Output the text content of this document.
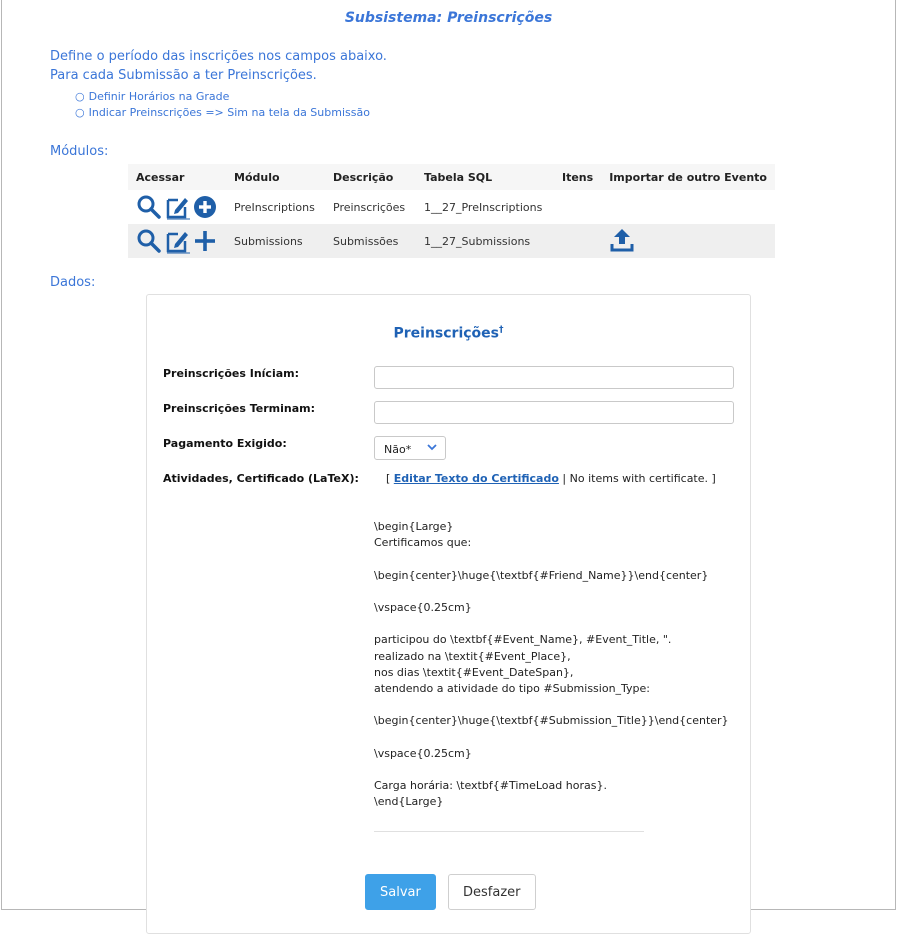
Subsistema: Preinscrições
Define o período das inscrições nos campos abaixo.
Para cada Submissão a ter Preinscrições.
○ Definir Horários na Grade
○ Indicar Preinscrições => Sim na tela da Submissão
Módulos:
Acessar	Módulo	Descrição	Tabela SQL	Itens	Importar de outro Evento

	PreInscriptions	Preinscrições	1__27_PreInscriptions		

	Submissions	Submissões	1__27_Submissions		
Dados:
Preinscrições†
Preinscrições Iníciam:
Preinscrições Terminam:
Pagamento Exigido:	Não*
Atividades, Certificado (LaTeX): [ Editar Texto do Certificado | No items with certificate. ]
\begin{Large}
Certificamos que:

\begin{center}\huge{\textbf{#Friend_Name}}\end{center}

\vspace{0.25cm}

participou do \textbf{#Event_Name}, #Event_Title, ".
realizado na \textit{#Event_Place},
nos dias \textit{#Event_DateSpan},
atendendo a atividade do tipo #Submission_Type:

\begin{center}\huge{\textbf{#Submission_Title}}\end{center}

\vspace{0.25cm}

Carga horária: \textbf{#TimeLoad horas}.
\end{Large}
Salvar	Desfazer
